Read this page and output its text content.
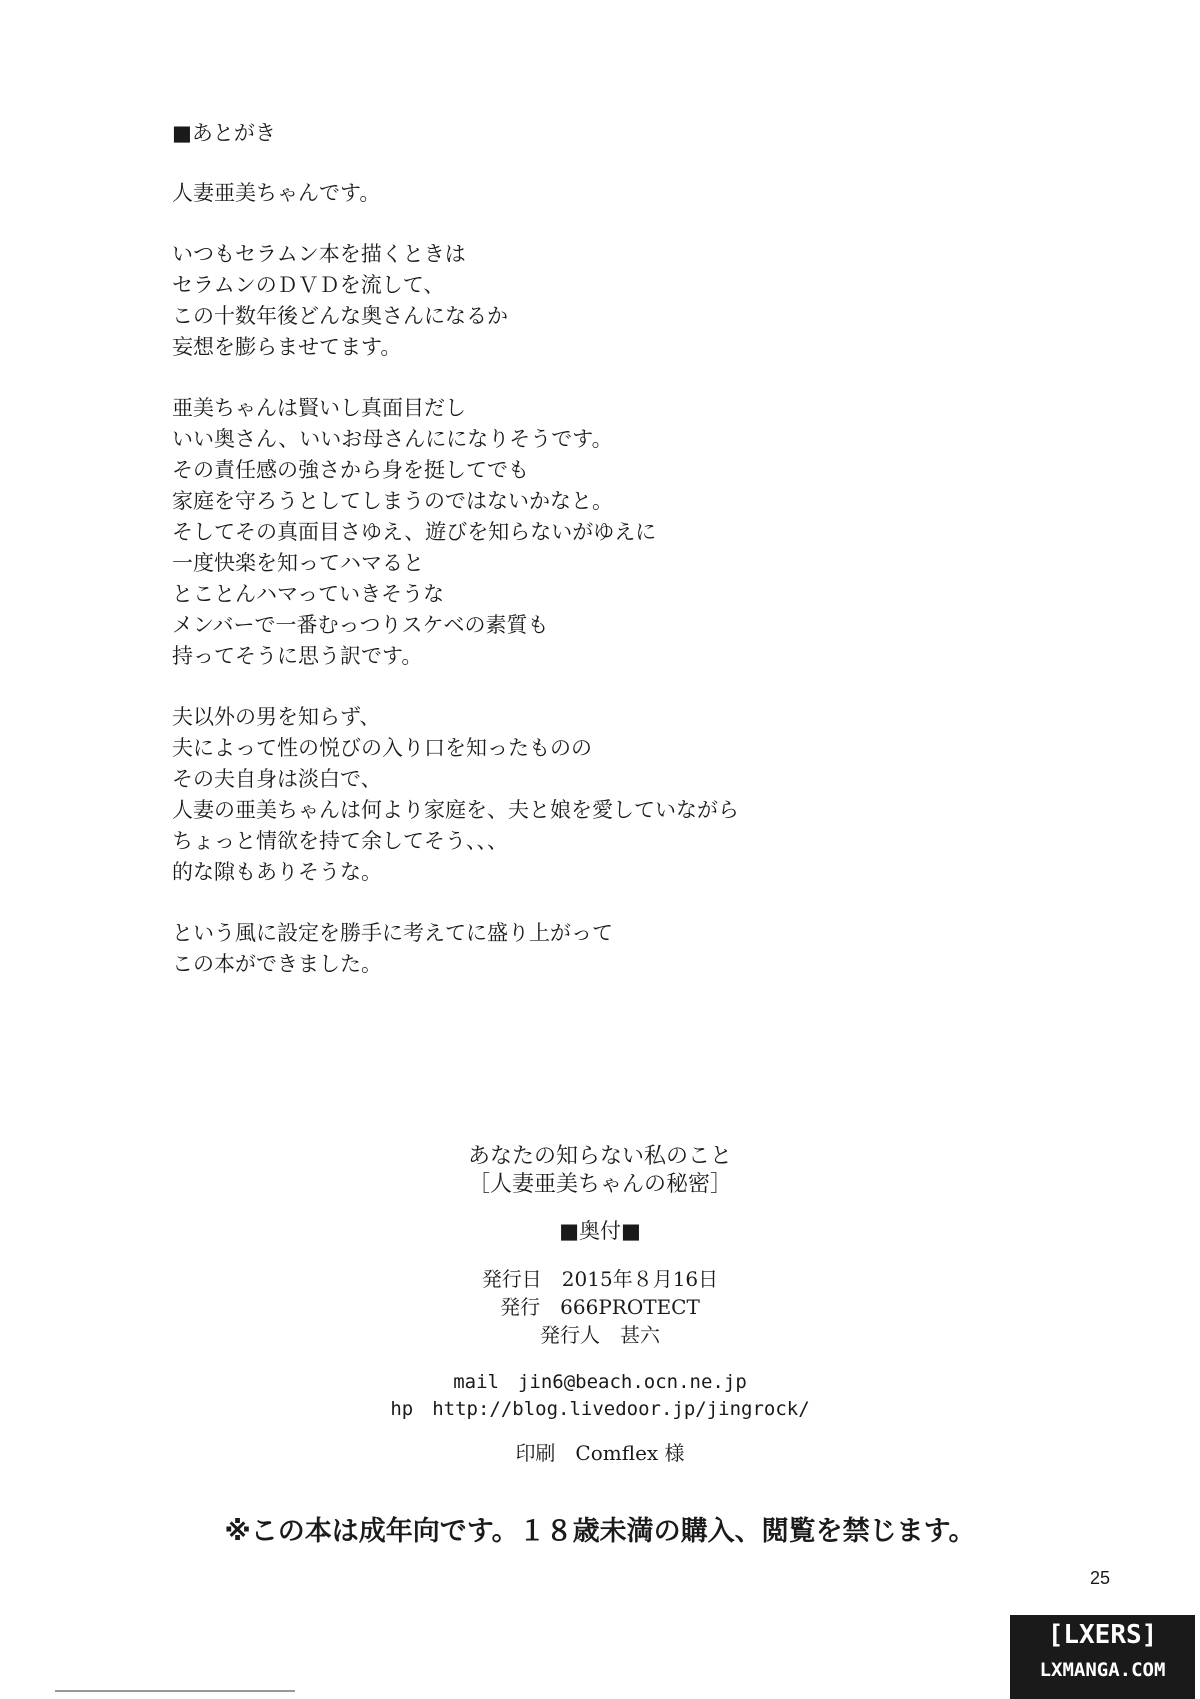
■あとがき
人妻亜美ちゃんです。
いつもセラムン本を描くときは
セラムンのＤＶＤを流して、
この十数年後どんな奥さんになるか
妄想を膨らませてます。
亜美ちゃんは賢いし真面目だし
いい奥さん、いいお母さんにになりそうです。
その責任感の強さから身を挺してでも
家庭を守ろうとしてしまうのではないかなと。
そしてその真面目さゆえ、遊びを知らないがゆえに
一度快楽を知ってハマると
とことんハマっていきそうな
メンバーで一番むっつりスケベの素質も
持ってそうに思う訳です。
夫以外の男を知らず、
夫によって性の悦びの入り口を知ったものの
その夫自身は淡白で、
人妻の亜美ちゃんは何より家庭を、夫と娘を愛していながら
ちょっと情欲を持て余してそう、、、
的な隙もありそうな。
という風に設定を勝手に考えてに盛り上がって
この本ができました。
あなたの知らない私のこと
［人妻亜美ちゃんの秘密］
■奥付■
発行日　2015年８月16日
発行　666PROTECT
発行人　甚六
mail　jin6@beach.ocn.ne.jp
hp　http://blog.livedoor.jp/jingrock/
印刷　Comflex 様
※この本は成年向です。１８歳未満の購入、閲覧を禁じます。
25
[LXERS]
LXMANGA.COM
